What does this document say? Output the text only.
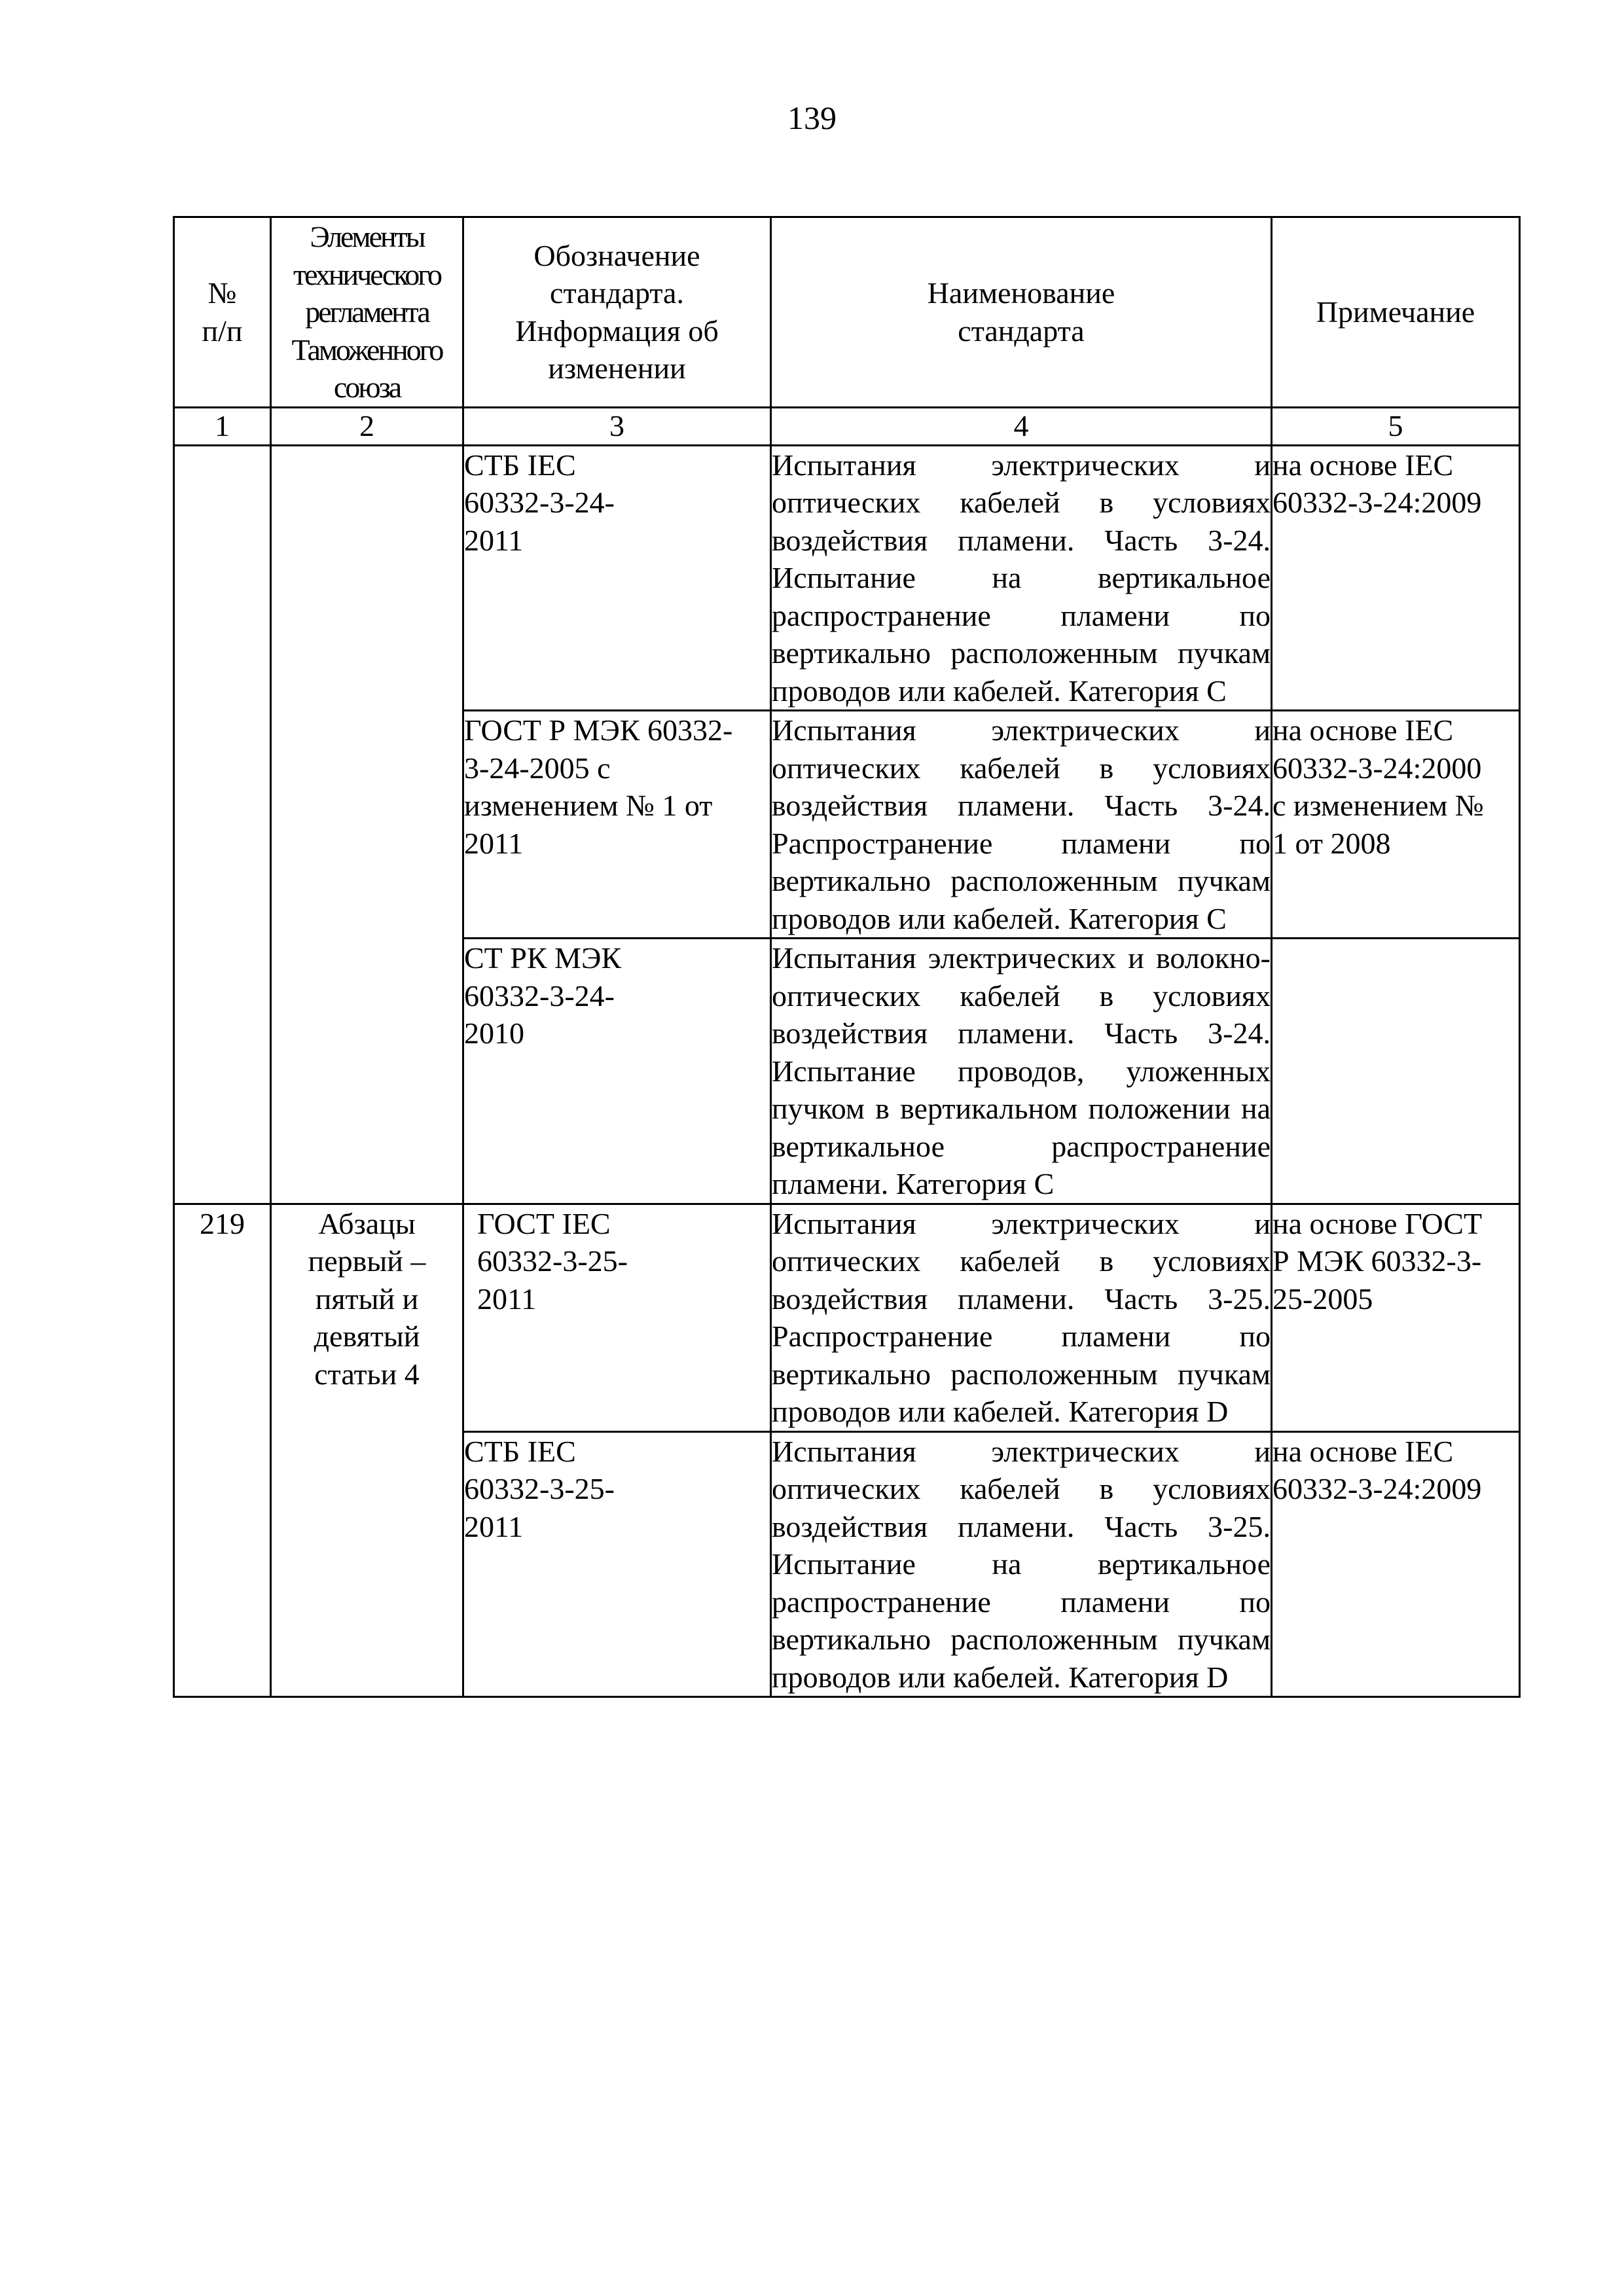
139
№ п/п	Элементы технического регламента Таможенного союза	Обозначение стандарта. Информация об изменении	Наименование стандарта	Примечание
1	2	3	4	5

		СТБ IEC 60332-3-24-2011	Испытания электрических и оптических кабелей в условиях воздействия пламени. Часть 3-24. Испытание на вертикальное распространение пламени по вертикально расположенным пучкам проводов или кабелей. Категория С	на основе IEC 60332-3-24:2009

		ГОСТ Р МЭК 60332-3-24-2005 с изменением № 1 от 2011	Испытания электрических и оптических кабелей в условиях воздействия пламени. Часть 3-24. Распространение пламени по вертикально расположенным пучкам проводов или кабелей. Категория С	на основе IEC 60332-3-24:2000 с изменением № 1 от 2008

		СТ РК МЭК 60332-3-24-2010	Испытания электрических и волокно-оптических кабелей в условиях воздействия пламени. Часть 3-24. Испытание проводов, уложенных пучком в вертикальном положении на вертикальное распространение пламени. Категория С	
219	Абзацы первый – пятый и девятый статьи 4	ГОСТ IEC 60332-3-25-2011	Испытания электрических и оптических кабелей в условиях воздействия пламени. Часть 3-25. Распространение пламени по вертикально расположенным пучкам проводов или кабелей. Категория D	на основе ГОСТ Р МЭК 60332-3-25-2005

		СТБ IEC 60332-3-25-2011	Испытания электрических и оптических кабелей в условиях воздействия пламени. Часть 3-25. Испытание на вертикальное распространение пламени по вертикально расположенным пучкам проводов или кабелей. Категория D	на основе IEC 60332-3-24:2009
